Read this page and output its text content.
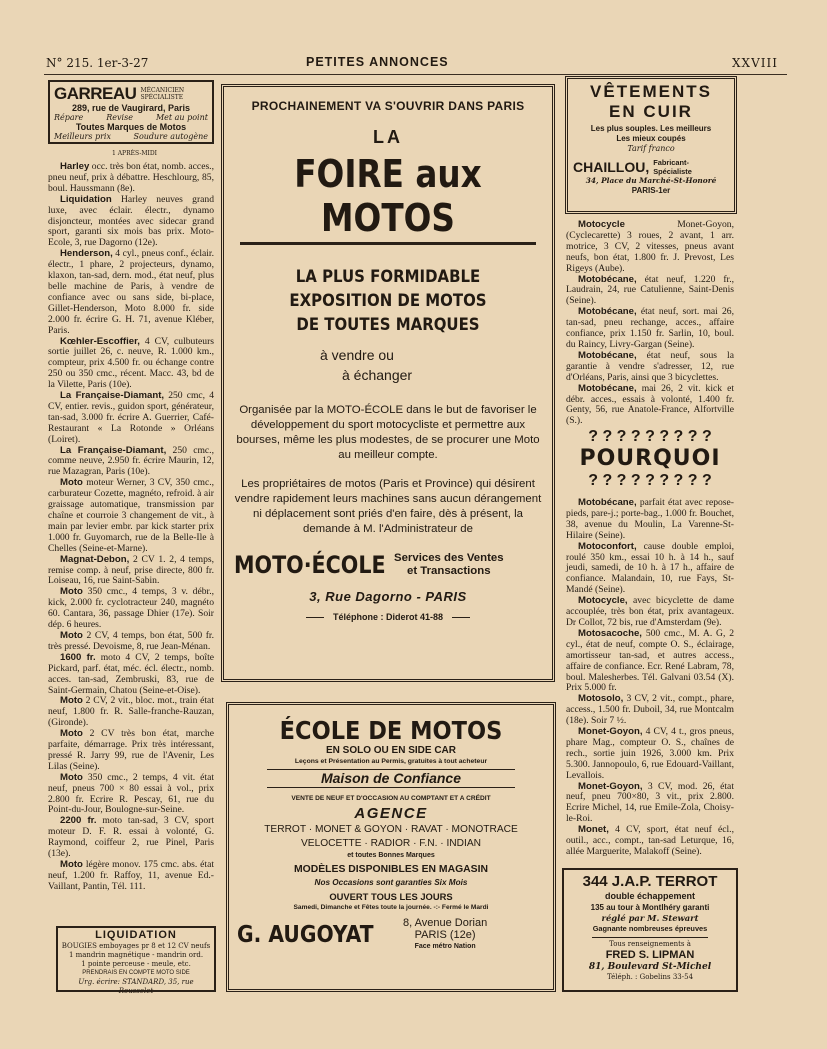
N° 215. 1er-3-27	PETITES ANNONCES	XXVIII
GARREAU MÉCANICIEN
SPÉCIALISTE
289, rue de Vaugirard, Paris
Répare	Revise	Met au point
Toutes Marques de Motos
Meilleurs prix	Soudure autogène
1 APRÈS-MIDI

Harley occ. très bon état, nomb. acces., pneu neuf, prix à débattre. Heschlourg, 85, boul. Haussmann (8e).

Liquidation Harley neuves grand luxe, avec éclair. électr., dynamo disjoncteur, montées avec sidecar grand sport, garanti six mois bas prix. Moto-Ecole, 3, rue Dagorno (12e).

Henderson, 4 cyl., pneus conf., éclair. électr., 1 phare, 2 projecteurs, dynamo, klaxon, tan-sad, dern. mod., état neuf, plus belle machine de Paris, à vendre de confiance avec ou sans side, bi-place, Gillet-Henderson, Moto 8.000 fr. side 2.000 fr. écrire G. H. 71, avenue Kléber, Paris.

Kœhler-Escoffier, 4 CV, culbuteurs sortie juillet 26, c. neuve, R. 1.000 km., compteur, prix 4.500 fr. ou échange contre 250 ou 350 cmc., récent. Macc. 43, bd de la Vilette, Paris (10e).

La Française-Diamant, 250 cmc, 4 CV, entier. revis., guidon sport, générateur, tan-sad, 3.000 fr. écrire A. Guerrier, Café-Restaurant « La Rotonde » Orléans (Loiret).

La Française-Diamant, 250 cmc., comme neuve, 2.950 fr. écrire Maurin, 12, rue Mazagran, Paris (10e).

Moto moteur Werner, 3 CV, 350 cmc., carburateur Cozette, magnéto, refroid. à air graissage automatique, transmission par chaîne et courroie 3 changement de vit., à main par levier embr. par kick starter prix 1.000 fr. Guyomarch, rue de la Belle-Ile à Chelles (Seine-et-Marne).

Magnat-Debon, 2 CV 1. 2, 4 temps, remise comp. à neuf, prise directe, 800 fr. Loiseau, 16, rue Saint-Sabin.

Moto 350 cmc., 4 temps, 3 v. débr., kick, 2.000 fr. cyclotracteur 240, magnéto 60. Cantara, 36, passage Dhier (17e). Soir dép. 6 heures.

Moto 2 CV, 4 temps, bon état, 500 fr. très pressé. Devoisme, 8, rue Jean-Ménan.

1600 fr. moto 4 CV, 2 temps, boîte Pickard, parf. état, méc. écl. électr., nomb. acces. tan-sad, Zembruski, 83, rue de Saint-Germain, Chatou (Seine-et-Oise).

Moto 2 CV, 2 vit., bloc. mot., train état neuf, 1.800 fr. R. Salle-franche-Rauzan, (Gironde).

Moto 2 CV très bon état, marche parfaite, démarrage. Prix très intéressant, pressé R. Jarry 99, rue de l'Avenir, Les Lilas (Seine).

Moto 350 cmc., 2 temps, 4 vit. état neuf, pneus 700 × 80 essai à vol., prix 2.800 fr. Ecrire R. Pescay, 61, rue du Point-du-Jour, Boulogne-sur-Seine.

2200 fr. moto tan-sad, 3 CV, sport moteur D. F. R. essai à volonté, G. Raymond, coiffeur 2, rue Pinel, Paris (13e).

Moto légère monov. 175 cmc. abs. état neuf, 1.200 fr. Raffoy, 11, avenue Ed.-Vaillant, Pantin, Tél. 111.

LIQUIDATION
BOUGIES emboyages pr 8 et 12 CV neufs
1 mandrin magnétique - mandrin ord.
1 pointe perceuse - meule, etc.
PRENDRAIS EN COMPTE MOTO SIDE
Urg. écrire: STANDARD, 35, rue Rousselet
PROCHAINEMENT VA S'OUVRIR DANS PARIS
LA
FOIRE aux MOTOS
LA PLUS FORMIDABLE
EXPOSITION DE MOTOS
DE TOUTES MARQUES
à vendre ou
à échanger
Organisée par la MOTO-ÉCOLE dans le but de favoriser le développement du sport motocycliste et permettre aux bourses, même les plus modestes, de se procurer une Moto au meilleur compte.
Les propriétaires de motos (Paris et Province) qui désirent vendre rapidement leurs machines sans aucun dérangement ni déplacement sont priés d'en faire, dès à présent, la demande à M. l'Administrateur de
MOTO·ÉCOLE Services des Ventes
et Transactions
3, Rue Dagorno - PARIS
Téléphone : Diderot 41-88
ÉCOLE DE MOTOS
EN SOLO OU EN SIDE CAR
Leçons et Présentation au Permis, gratuites à tout acheteur
Maison de Confiance
VENTE DE NEUF ET D'OCCASION AU COMPTANT ET A CRÉDIT
AGENCE
TERROT · MONET & GOYON · RAVAT · MONOTRACE
VELOCETTE · RADIOR · F.N. · INDIAN
et toutes Bonnes Marques
MODÈLES DISPONIBLES EN MAGASIN
Nos Occasions sont garanties Six Mois
OUVERT TOUS LES JOURS
Samedi, Dimanche et Fêtes toute la journée. -:- Fermé le Mardi
G. AUGOYAT	8, Avenue Dorian
PARIS (12e)
Face métro Nation
VÊTEMENTS
EN CUIR
Les plus souples. Les meilleurs
Les mieux coupés
Tarif franco
CHAILLOU, Fabricant-
Spécialiste
34, Place du Marché-St-Honoré
PARIS-1er

Motocycle	Monet-Goyon, (Cyclecarette) 3 roues, 2 avant, 1 arr. motrice, 3 CV, 2 vitesses, pneus avant neufs, bon état, 1.800 fr. J. Prevost, Les Rigeys (Aube).

Motobécane, état neuf, 1.220 fr., Laudrain, 24, rue Catulienne, Saint-Denis (Seine).

Motobécane, état neuf, sort. mai 26, tan-sad, pneu rechange, acces., affaire confiance, prix 1.150 fr. Sarlin, 10, boul. du Raincy, Livry-Gargan (Seine).

Motobécane, état neuf, sous la garantie à vendre s'adresser, 12, rue d'Orléans, Paris, ainsi que 3 bicyclettes.

Motobécane, mai 26, 2 vit. kick et débr. acces., essais à volonté, 1.400 fr. Genty, 56, rue Anatole-France, Alfortville (S.).

? ? ? ? ? ? ? ? ?
POURQUOI
? ? ? ? ? ? ? ? ?

Motobécane, parfait état avec repose-pieds, pare-j.; porte-bag., 1.000 fr. Bouchet, 38, avenue du Moulin, La Varenne-St-Hilaire (Seine).

Motoconfort, cause double emploi, roulé 350 km., essai 10 h. à 14 h., sauf jeudi, samedi, de 10 h. à 17 h., affaire de confiance. Malandain, 10, rue Fays, St-Mandé (Seine).

Motocycle, avec bicyclette de dame accouplée, très bon état, prix avantageux. Dr Collot, 72 bis, rue d'Amsterdam (9e).

Motosacoche, 500 cmc., M. A. G, 2 cyl., état de neuf, compte O. S., éclairage, amortisseur tan-sad, et autres access., affaire de confiance. Ecr. René Labram, 78, boul. Malesherbes. Tél. Galvani 03.54 (X). Prix 5.000 fr.

Motosolo, 3 CV, 2 vit., compt., phare, access., 1.500 fr. Duboil, 34, rue Montcalm (18e). Soir 7 ½.

Monet-Goyon, 4 CV, 4 t., gros pneus, phare Mag., compteur O. S., chaînes de rech., sortie juin 1926, 3.000 km. Prix 5.300. Jannopoulo, 6, rue Edouard-Vaillant, Levallois.

Monet-Goyon, 3 CV, mod. 26, état neuf, pneu 700×80, 3 vit., prix 2.800. Ecrire Michel, 14, rue Emile-Zola, Choisy-le-Roi.

Monet, 4 CV, sport, état neuf écl., outil., acc., compt., tan-sad Leturque, 16, allée Marguerite, Malakoff (Seine).

344 J.A.P. TERROT
double échappement
135 au tour à Montlhéry garanti
réglé par M. Stewart
Gagnante nombreuses épreuves
Tous renseignements à
FRED S. LIPMAN
81, Boulevard St-Michel
Téléph. : Gobelins 33-54
